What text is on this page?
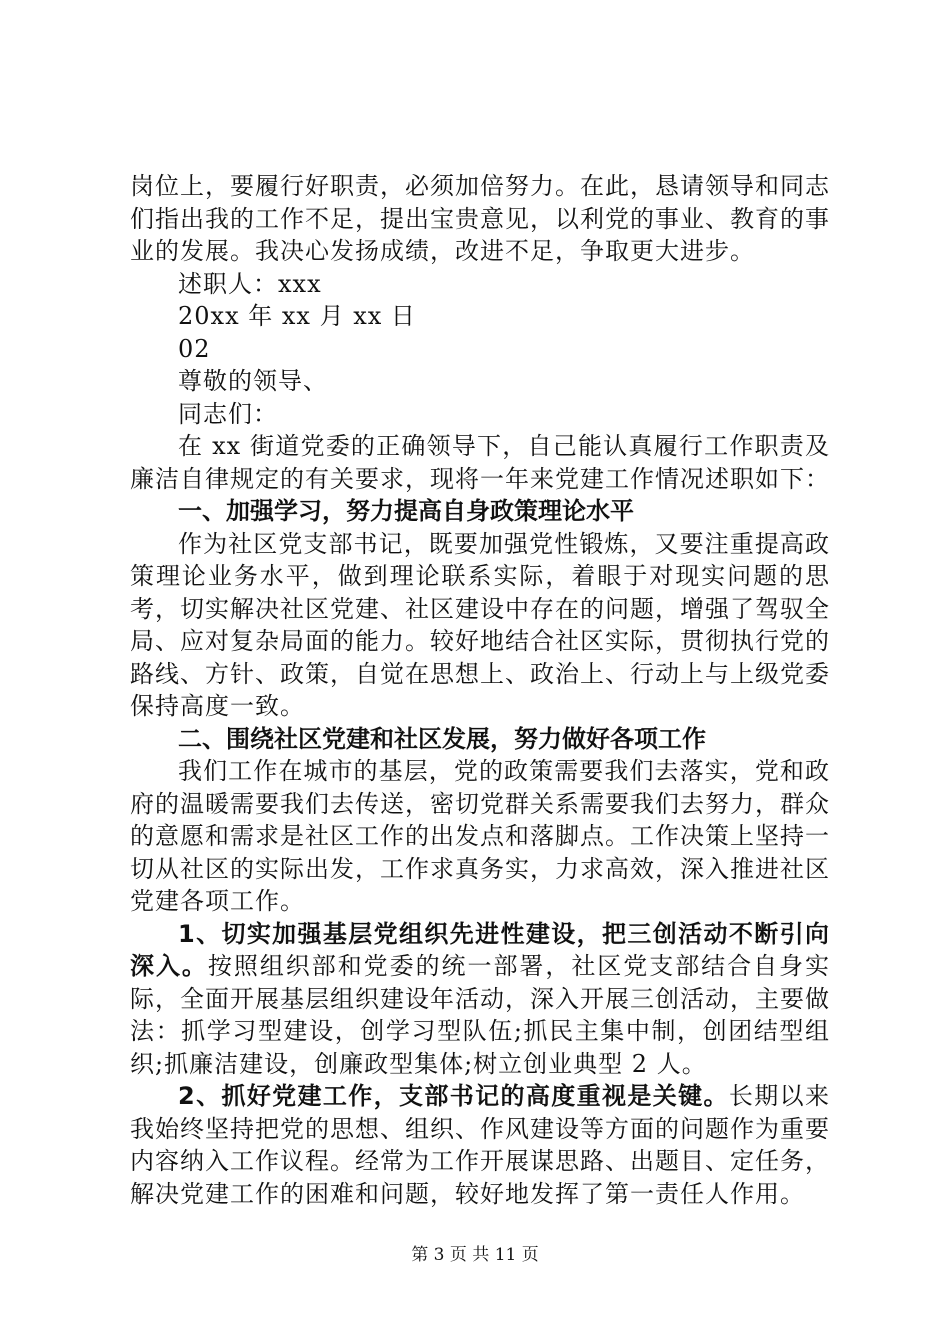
岗位上，要履行好职责，必须加倍努力。在此，恳请领导和同志们指出我的工作不足，提出宝贵意见，以利党的事业、教育的事业的发展。我决心发扬成绩，改进不足，争取更大进步。

述职人：xxx

20xx 年 xx 月 xx 日

02

尊敬的领导、

同志们：

在 xx 街道党委的正确领导下，自己能认真履行工作职责及廉洁自律规定的有关要求，现将一年来党建工作情况述职如下：

一、加强学习，努力提高自身政策理论水平

作为社区党支部书记，既要加强党性锻炼，又要注重提高政策理论业务水平，做到理论联系实际，着眼于对现实问题的思考，切实解决社区党建、社区建设中存在的问题，增强了驾驭全局、应对复杂局面的能力。较好地结合社区实际，贯彻执行党的路线、方针、政策，自觉在思想上、政治上、行动上与上级党委保持高度一致。

二、围绕社区党建和社区发展，努力做好各项工作

我们工作在城市的基层，党的政策需要我们去落实，党和政府的温暖需要我们去传送，密切党群关系需要我们去努力，群众的意愿和需求是社区工作的出发点和落脚点。工作决策上坚持一切从社区的实际出发，工作求真务实，力求高效，深入推进社区党建各项工作。

1、切实加强基层党组织先进性建设，把三创活动不断引向深入。按照组织部和党委的统一部署，社区党支部结合自身实际，全面开展基层组织建设年活动，深入开展三创活动，主要做法：抓学习型建设，创学习型队伍;抓民主集中制，创团结型组织;抓廉洁建设，创廉政型集体;树立创业典型 2 人。

2、抓好党建工作，支部书记的高度重视是关键。长期以来我始终坚持把党的思想、组织、作风建设等方面的问题作为重要内容纳入工作议程。经常为工作开展谋思路、出题目、定任务，解决党建工作的困难和问题，较好地发挥了第一责任人作用。

第 3 页 共 11 页
